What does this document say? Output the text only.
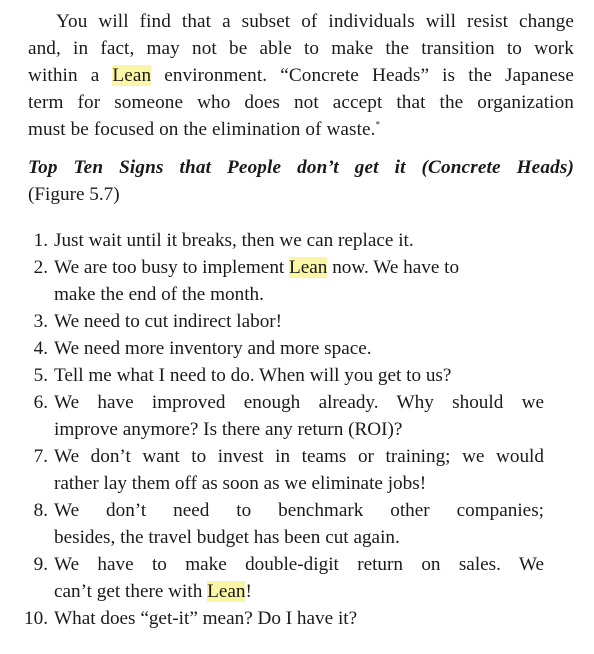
You will find that a subset of individuals will resist change
and, in fact, may not be able to make the transition to work
within a Lean environment. “Concrete Heads” is the Japanese
term for someone who does not accept that the organization
must be focused on the elimination of waste.*

Top Ten Signs that People don’t get it (Concrete Heads)
(Figure 5.7)
1. Just wait until it breaks, then we can replace it.
2. We are too busy to implement Lean now. We have to
make the end of the month.
3. We need to cut indirect labor!
4. We need more inventory and more space.
5. Tell me what I need to do. When will you get to us?
6. We have improved enough already. Why should we
improve anymore? Is there any return (ROI)?
7. We don’t want to invest in teams or training; we would
rather lay them off as soon as we eliminate jobs!
8. We don’t need to benchmark other companies;
besides, the travel budget has been cut again.
9. We have to make double-digit return on sales. We
can’t get there with Lean!
10. What does “get-it” mean? Do I have it?
